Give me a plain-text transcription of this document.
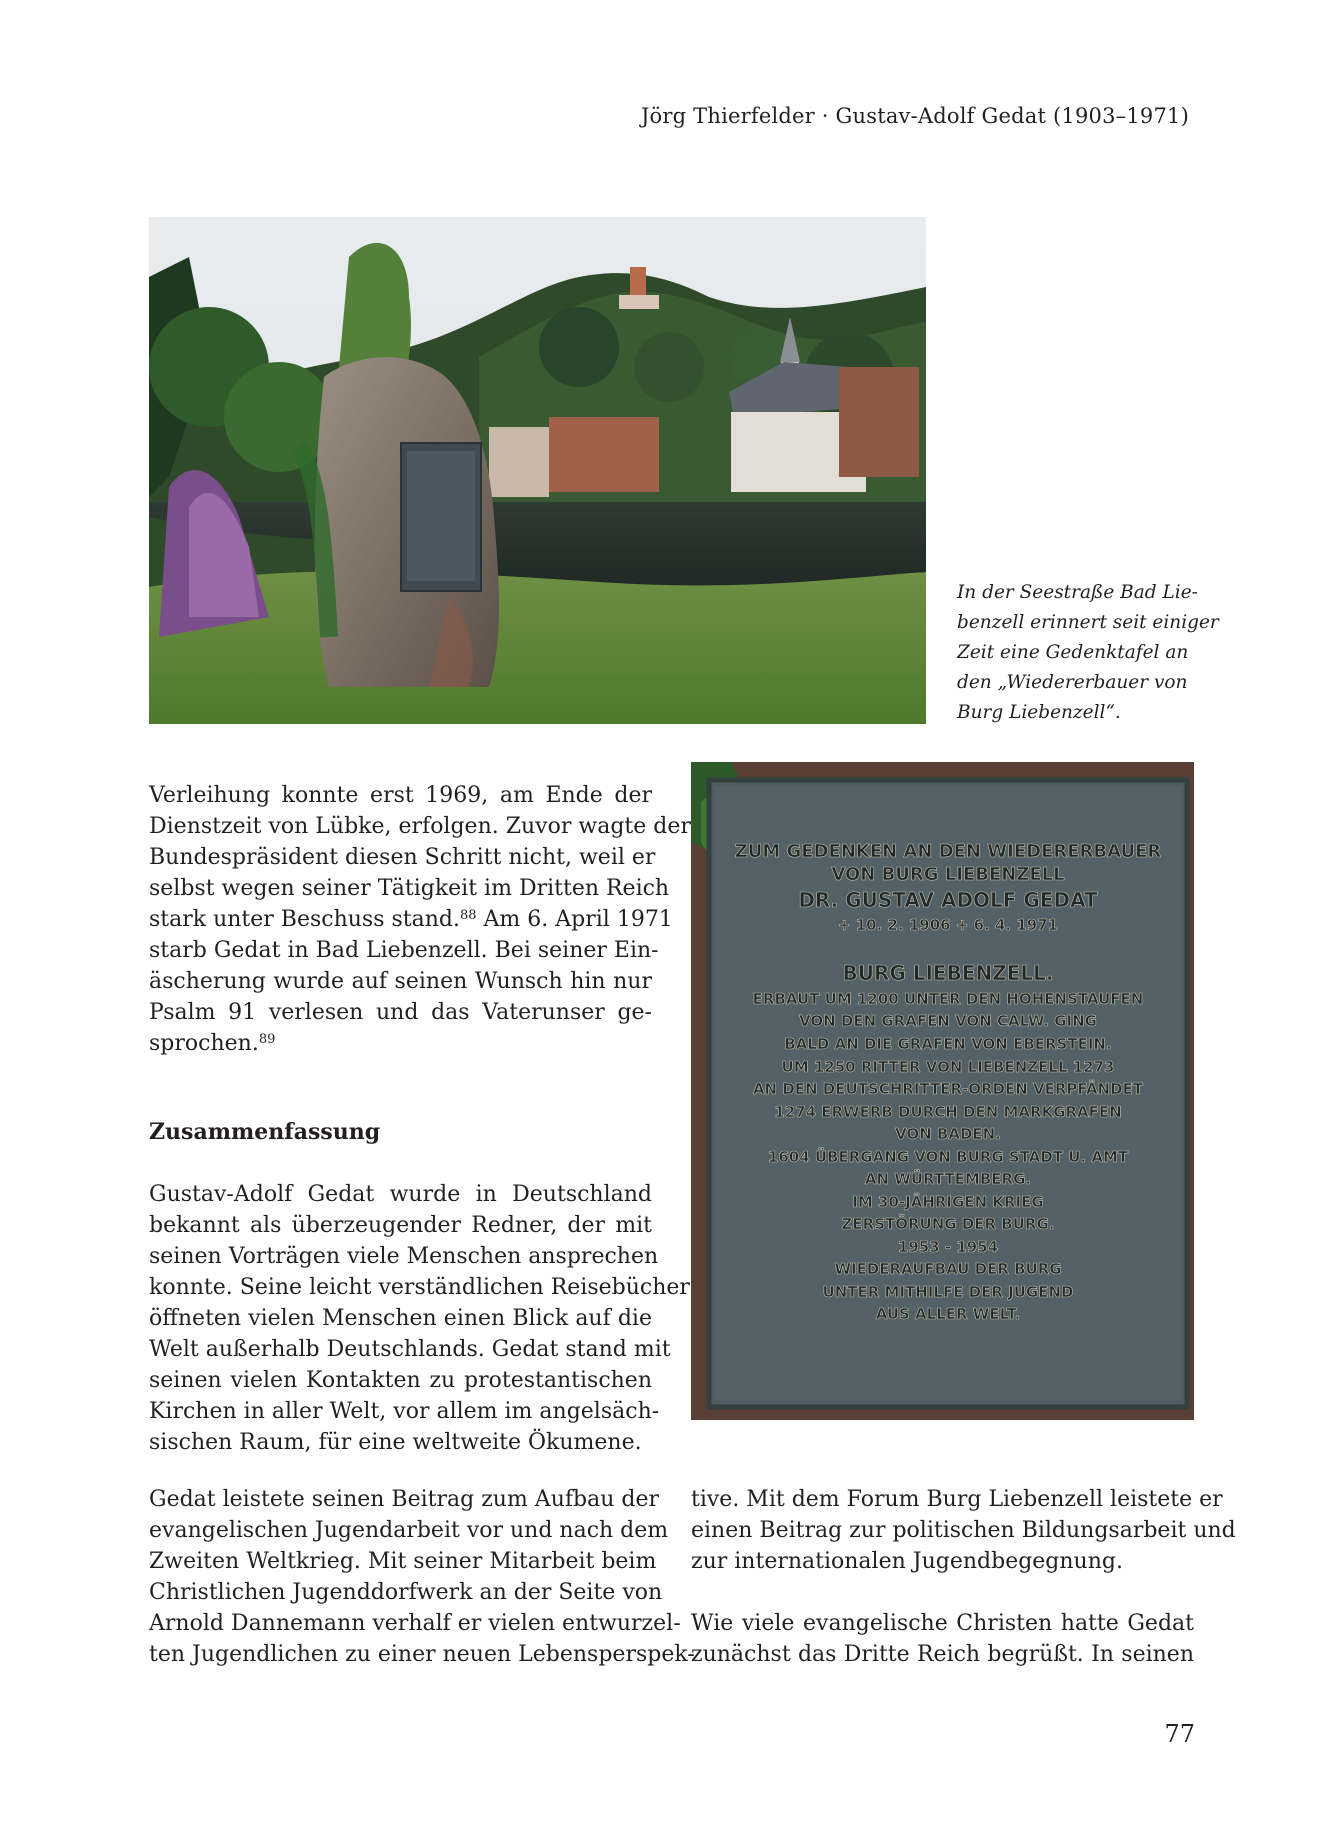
Jörg Thierfelder · Gustav-Adolf Gedat (1903–1971)
In der Seestraße Bad Lie-
benzell erinnert seit einiger
Zeit eine Gedenktafel an
den „Wiedererbauer von
Burg Liebenzell“.
ZUM GEDENKEN AN DEN WIEDERERBAUER
VON BURG LIEBENZELL
DR. GUSTAV ADOLF GEDAT
+ 10. 2. 1906 + 6. 4. 1971
BURG LIEBENZELL.
ERBAUT UM 1200 UNTER DEN HOHENSTAUFEN
VON DEN GRAFEN VON CALW. GING
BALD AN DIE GRAFEN VON EBERSTEIN.
UM 1250 RITTER VON LIEBENZELL 1273
AN DEN DEUTSCHRITTER-ORDEN VERPFÄNDET
1274 ERWERB DURCH DEN MARKGRAFEN
VON BADEN.
1604 ÜBERGANG VON BURG STADT U. AMT
AN WÜRTTEMBERG.
IM 30-JÄHRIGEN KRIEG
ZERSTÖRUNG DER BURG.
1953 - 1954
WIEDERAUFBAU DER BURG
UNTER MITHILFE DER JUGEND
AUS ALLER WELT.
Verleihung konnte erst 1969, am Ende der
Dienstzeit von Lübke, erfolgen. Zuvor wagte der
Bundespräsident diesen Schritt nicht, weil er
selbst wegen seiner Tätigkeit im Dritten Reich
stark unter Beschuss stand.$^{88}$ Am 6. April 1971
starb Gedat in Bad Liebenzell. Bei seiner Ein-
äscherung wurde auf seinen Wunsch hin nur
Psalm 91 verlesen und das Vaterunser ge-
sprochen.$^{89}$
Zusammenfassung
Gustav-Adolf Gedat wurde in Deutschland
bekannt als überzeugender Redner, der mit
seinen Vorträgen viele Menschen ansprechen
konnte. Seine leicht verständlichen Reisebücher
öffneten vielen Menschen einen Blick auf die
Welt außerhalb Deutschlands. Gedat stand mit
seinen vielen Kontakten zu protestantischen
Kirchen in aller Welt, vor allem im angelsäch-
sischen Raum, für eine weltweite Ökumene.
Gedat leistete seinen Beitrag zum Aufbau der
evangelischen Jugendarbeit vor und nach dem
Zweiten Weltkrieg. Mit seiner Mitarbeit beim
Christlichen Jugenddorfwerk an der Seite von
Arnold Dannemann verhalf er vielen entwurzel-
ten Jugendlichen zu einer neuen Lebensperspek-
tive. Mit dem Forum Burg Liebenzell leistete er
einen Beitrag zur politischen Bildungsarbeit und
zur internationalen Jugendbegegnung.
Wie viele evangelische Christen hatte Gedat
zunächst das Dritte Reich begrüßt. In seinen
77
